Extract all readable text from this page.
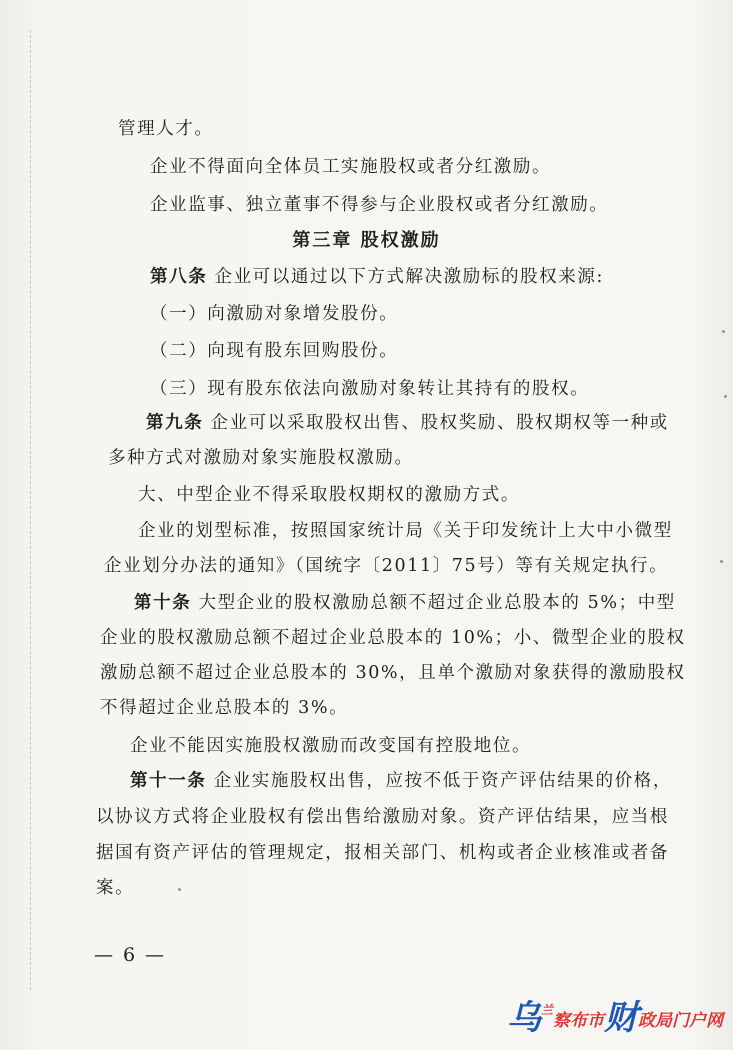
管理人才。
企业不得面向全体员工实施股权或者分红激励。
企业监事、独立董事不得参与企业股权或者分红激励。
第三章 股权激励
第八条 企业可以通过以下方式解决激励标的股权来源:
（一）向激励对象增发股份。
（二）向现有股东回购股份。
（三）现有股东依法向激励对象转让其持有的股权。
第九条 企业可以采取股权出售、股权奖励、股权期权等一种或
多种方式对激励对象实施股权激励。
大、中型企业不得采取股权期权的激励方式。
企业的划型标准，按照国家统计局《关于印发统计上大中小微型
企业划分办法的通知》（国统字〔2011〕75号）等有关规定执行。
第十条 大型企业的股权激励总额不超过企业总股本的 5%；中型
企业的股权激励总额不超过企业总股本的 10%；小、微型企业的股权
激励总额不超过企业总股本的 30%，且单个激励对象获得的激励股权
不得超过企业总股本的 3%。
企业不能因实施股权激励而改变国有控股地位。
第十一条 企业实施股权出售，应按不低于资产评估结果的价格，
以协议方式将企业股权有偿出售给激励对象。资产评估结果，应当根
据国有资产评估的管理规定，报相关部门、机构或者企业核准或者备
案。
— 6 —
乌 兰
察布市 财 政局门户网
